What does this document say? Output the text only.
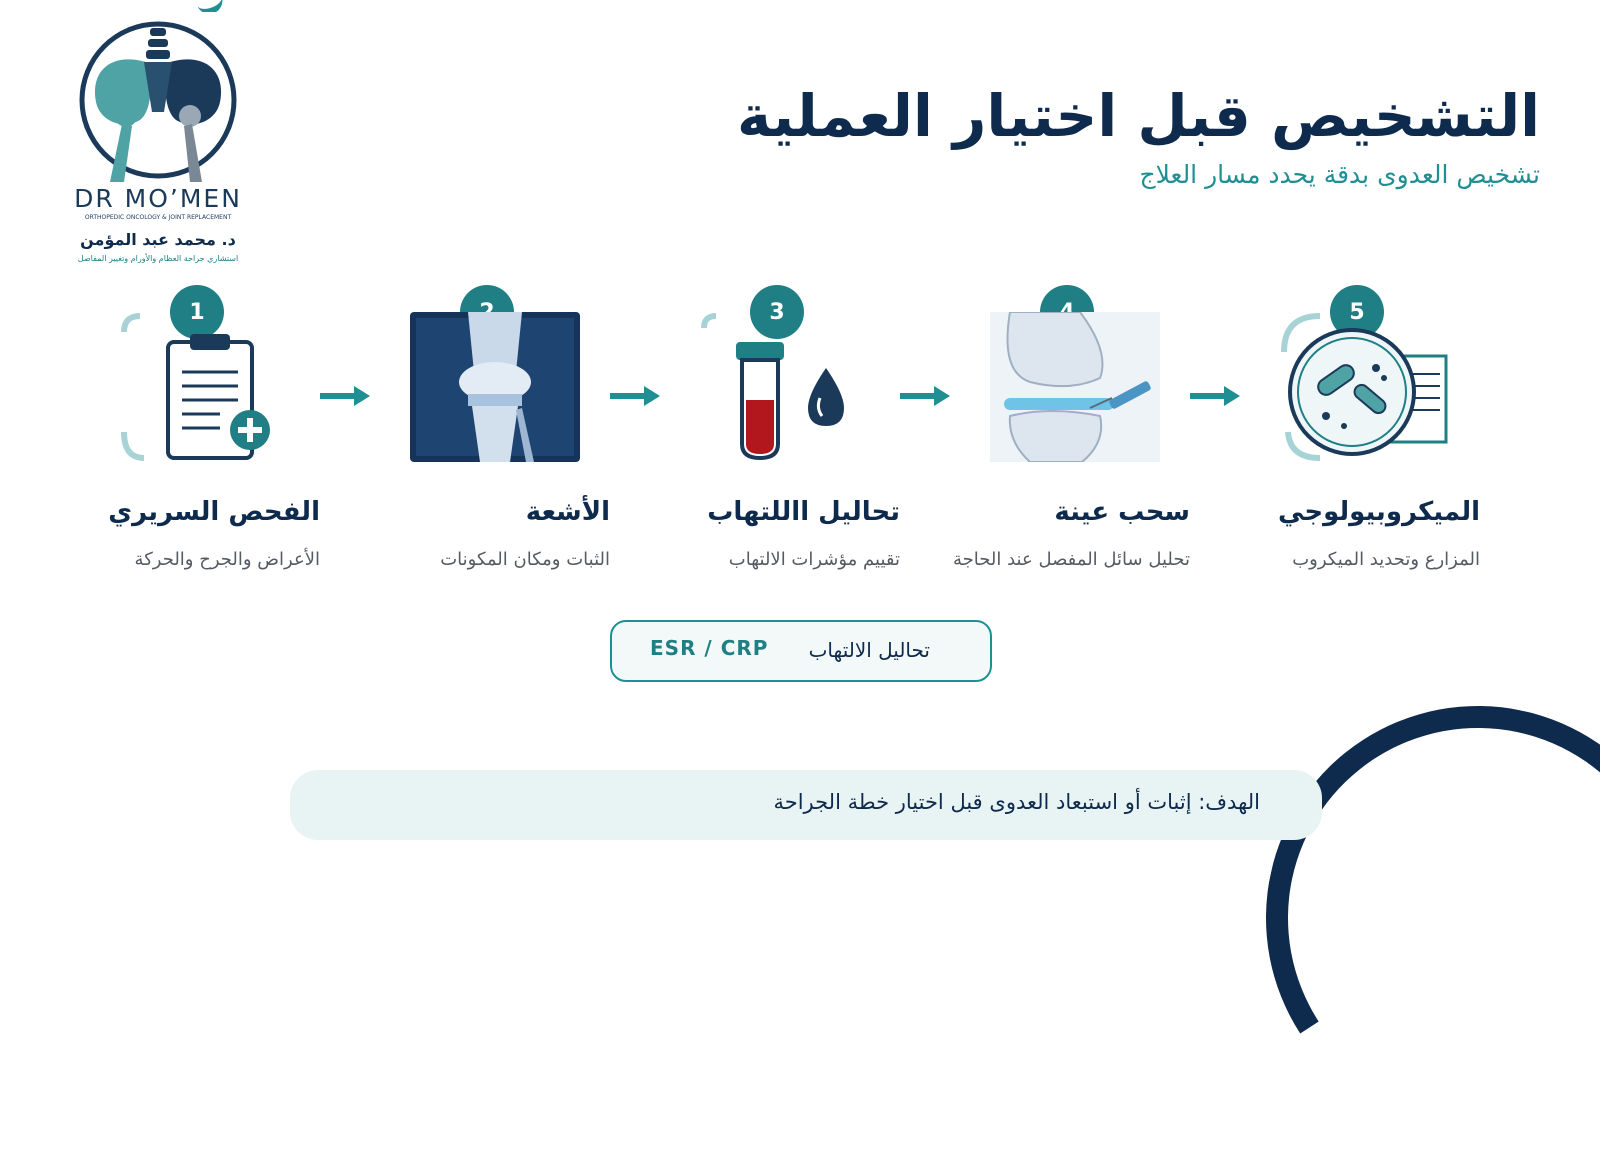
DR MO’MEN
ORTHOPEDIC ONCOLOGY & JOINT REPLACEMENT
د. محمد عبد المؤمن
استشاري جراحة العظام والأورام وتغيير المفاصل
التشخيص قبل اختيار العملية
تشخيص العدوى بدقة يحدد مسار العلاج
1
الفحص السريري
الأعراض والجرح والحركة
الأشعة
الثبات ومكان المكونات
3
تحاليل االلتهاب
تقييم مؤشرات الالتهاب
سحب عينة
تحليل سائل المفصل عند الحاجة
5
الميكروبيولوجي
المزارع وتحديد الميكروب
تحاليل الالتهاب
ESR / CRP
الهدف: إثبات أو استبعاد العدوى قبل اختيار خطة الجراحة
